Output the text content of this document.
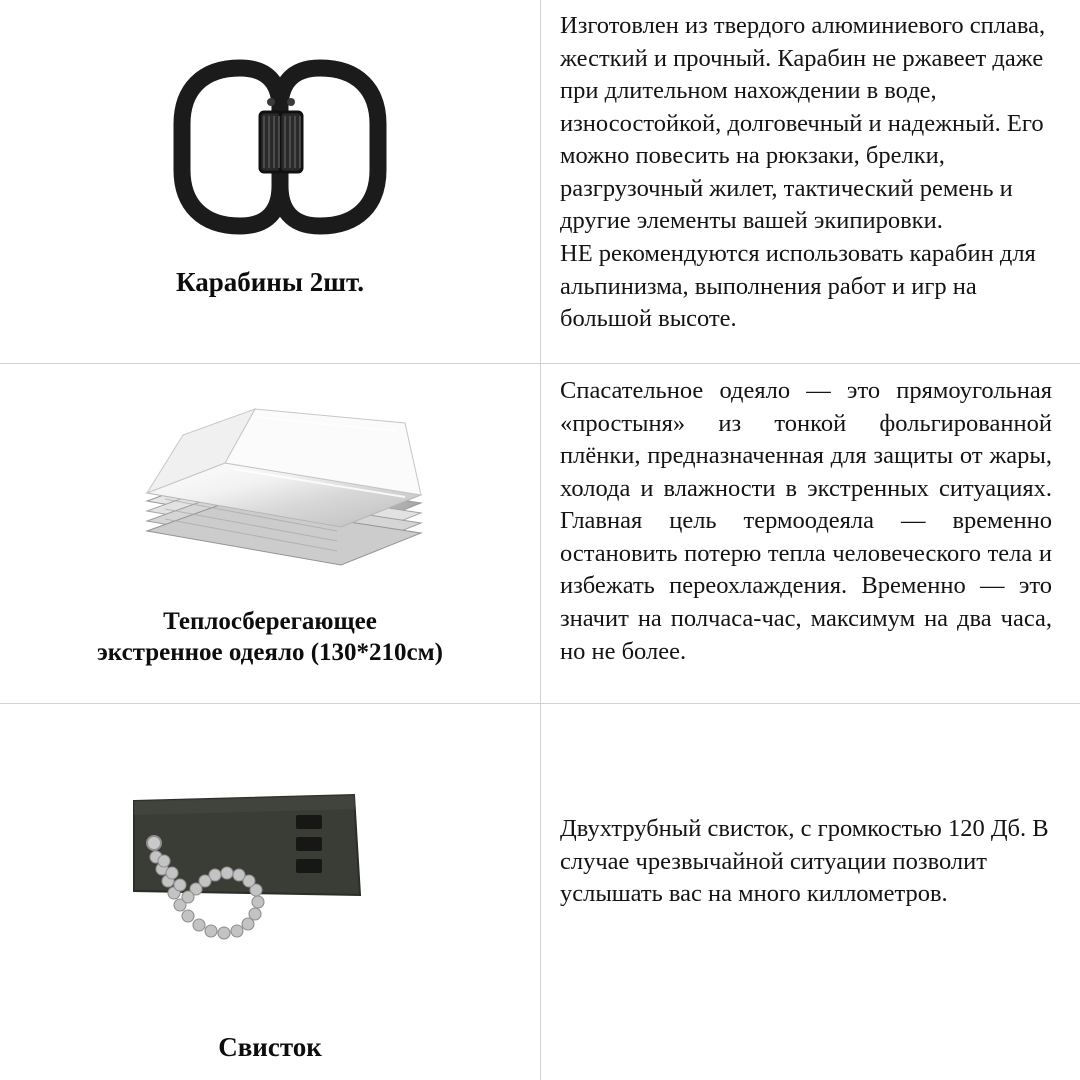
Карабины 2шт.

Изготовлен из твердого алюминиевого сплава, жесткий и прочный. Карабин не ржавеет даже при длительном нахождении в воде, износостойкой, долговечный и надежный. Его можно повесить на рюкзаки, брелки, разгрузочный жилет, тактический ремень и другие элементы вашей экипировки.

НЕ рекомендуются использовать карабин для альпинизма, выполнения работ и игр на большой высоте.

Теплосберегающее
экстренное одеяло (130*210см)

Спасательное одеяло — это прямоугольная «простыня» из тонкой фольгированной плёнки, предназначенная для защиты от жары, холода и влажности в экстренных ситуациях. Главная цель термоодеяла — временно остановить потерю тепла человеческого тела и избежать переохлаждения. Временно — это значит на полчаса-час, максимум на два часа, но не более.

Свисток

Двухтрубный свисток, с громкостью 120 Дб. В случае чрезвычайной ситуации позволит услышать вас на много киллометров.
